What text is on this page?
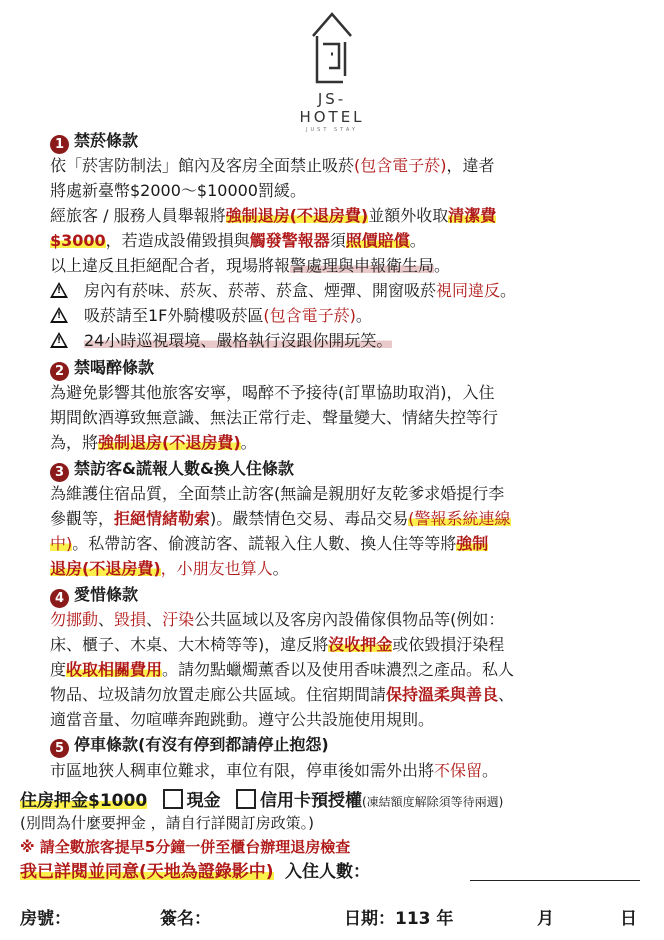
JS-HOTEL
JUST STAY
1 禁菸條款
依「菸害防制法」館內及客房全面禁止吸菸(包含電子菸)，違者
將處新臺幣$2000～$10000罰緩。
經旅客 / 服務人員舉報將強制退房(不退房費)並額外收取清潔費
$3000，若造成設備毀損與觸發警報器須照價賠償。
以上違反且拒絕配合者，現場將報警處理與申報衛生局。
!房內有菸味、菸灰、菸蒂、菸盒、煙彈、開窗吸菸視同違反。
!吸菸請至1F外騎樓吸菸區(包含電子菸)。
!24小時巡視環境、嚴格執行沒跟你開玩笑。
2 禁喝醉條款
為避免影響其他旅客安寧，喝醉不予接待(訂單協助取消)，入住
期間飲酒導致無意識、無法正常行走、聲量變大、情緒失控等行
為，將強制退房(不退房費)。
3 禁訪客&謊報人數&換人住條款
為維護住宿品質，全面禁止訪客(無論是親朋好友乾爹求婚提行李
參觀等，拒絕情緒勒索)。嚴禁情色交易、毒品交易(警報系統連線
中)。私帶訪客、偷渡訪客、謊報入住人數、換人住等等將強制
退房(不退房費)，小朋友也算人。
4 愛惜條款
勿挪動、毀損、汙染公共區域以及客房內設備傢俱物品等(例如：
床、櫃子、木桌、大木椅等等)，違反將沒收押金或依毀損汙染程
度收取相關費用。請勿點蠟燭薰香以及使用香味濃烈之產品。私人
物品、垃圾請勿放置走廊公共區域。住宿期間請保持溫柔與善良、
適當音量、勿喧嘩奔跑跳動。遵守公共設施使用規則。
5 停車條款(有沒有停到都請停止抱怨)
市區地狹人稠車位難求，車位有限，停車後如需外出將不保留。
住房押金$1000 現金 信用卡預授權(凍結額度解除須等待兩週)
(別問為什麼要押金 ，請自行詳閱訂房政策。)
※ 請全數旅客提早5分鐘一併至櫃台辦理退房檢查
我已詳閱並同意(天地為證錄影中) 入住人數：
房號：	簽名：	日期：113 年	月	日
